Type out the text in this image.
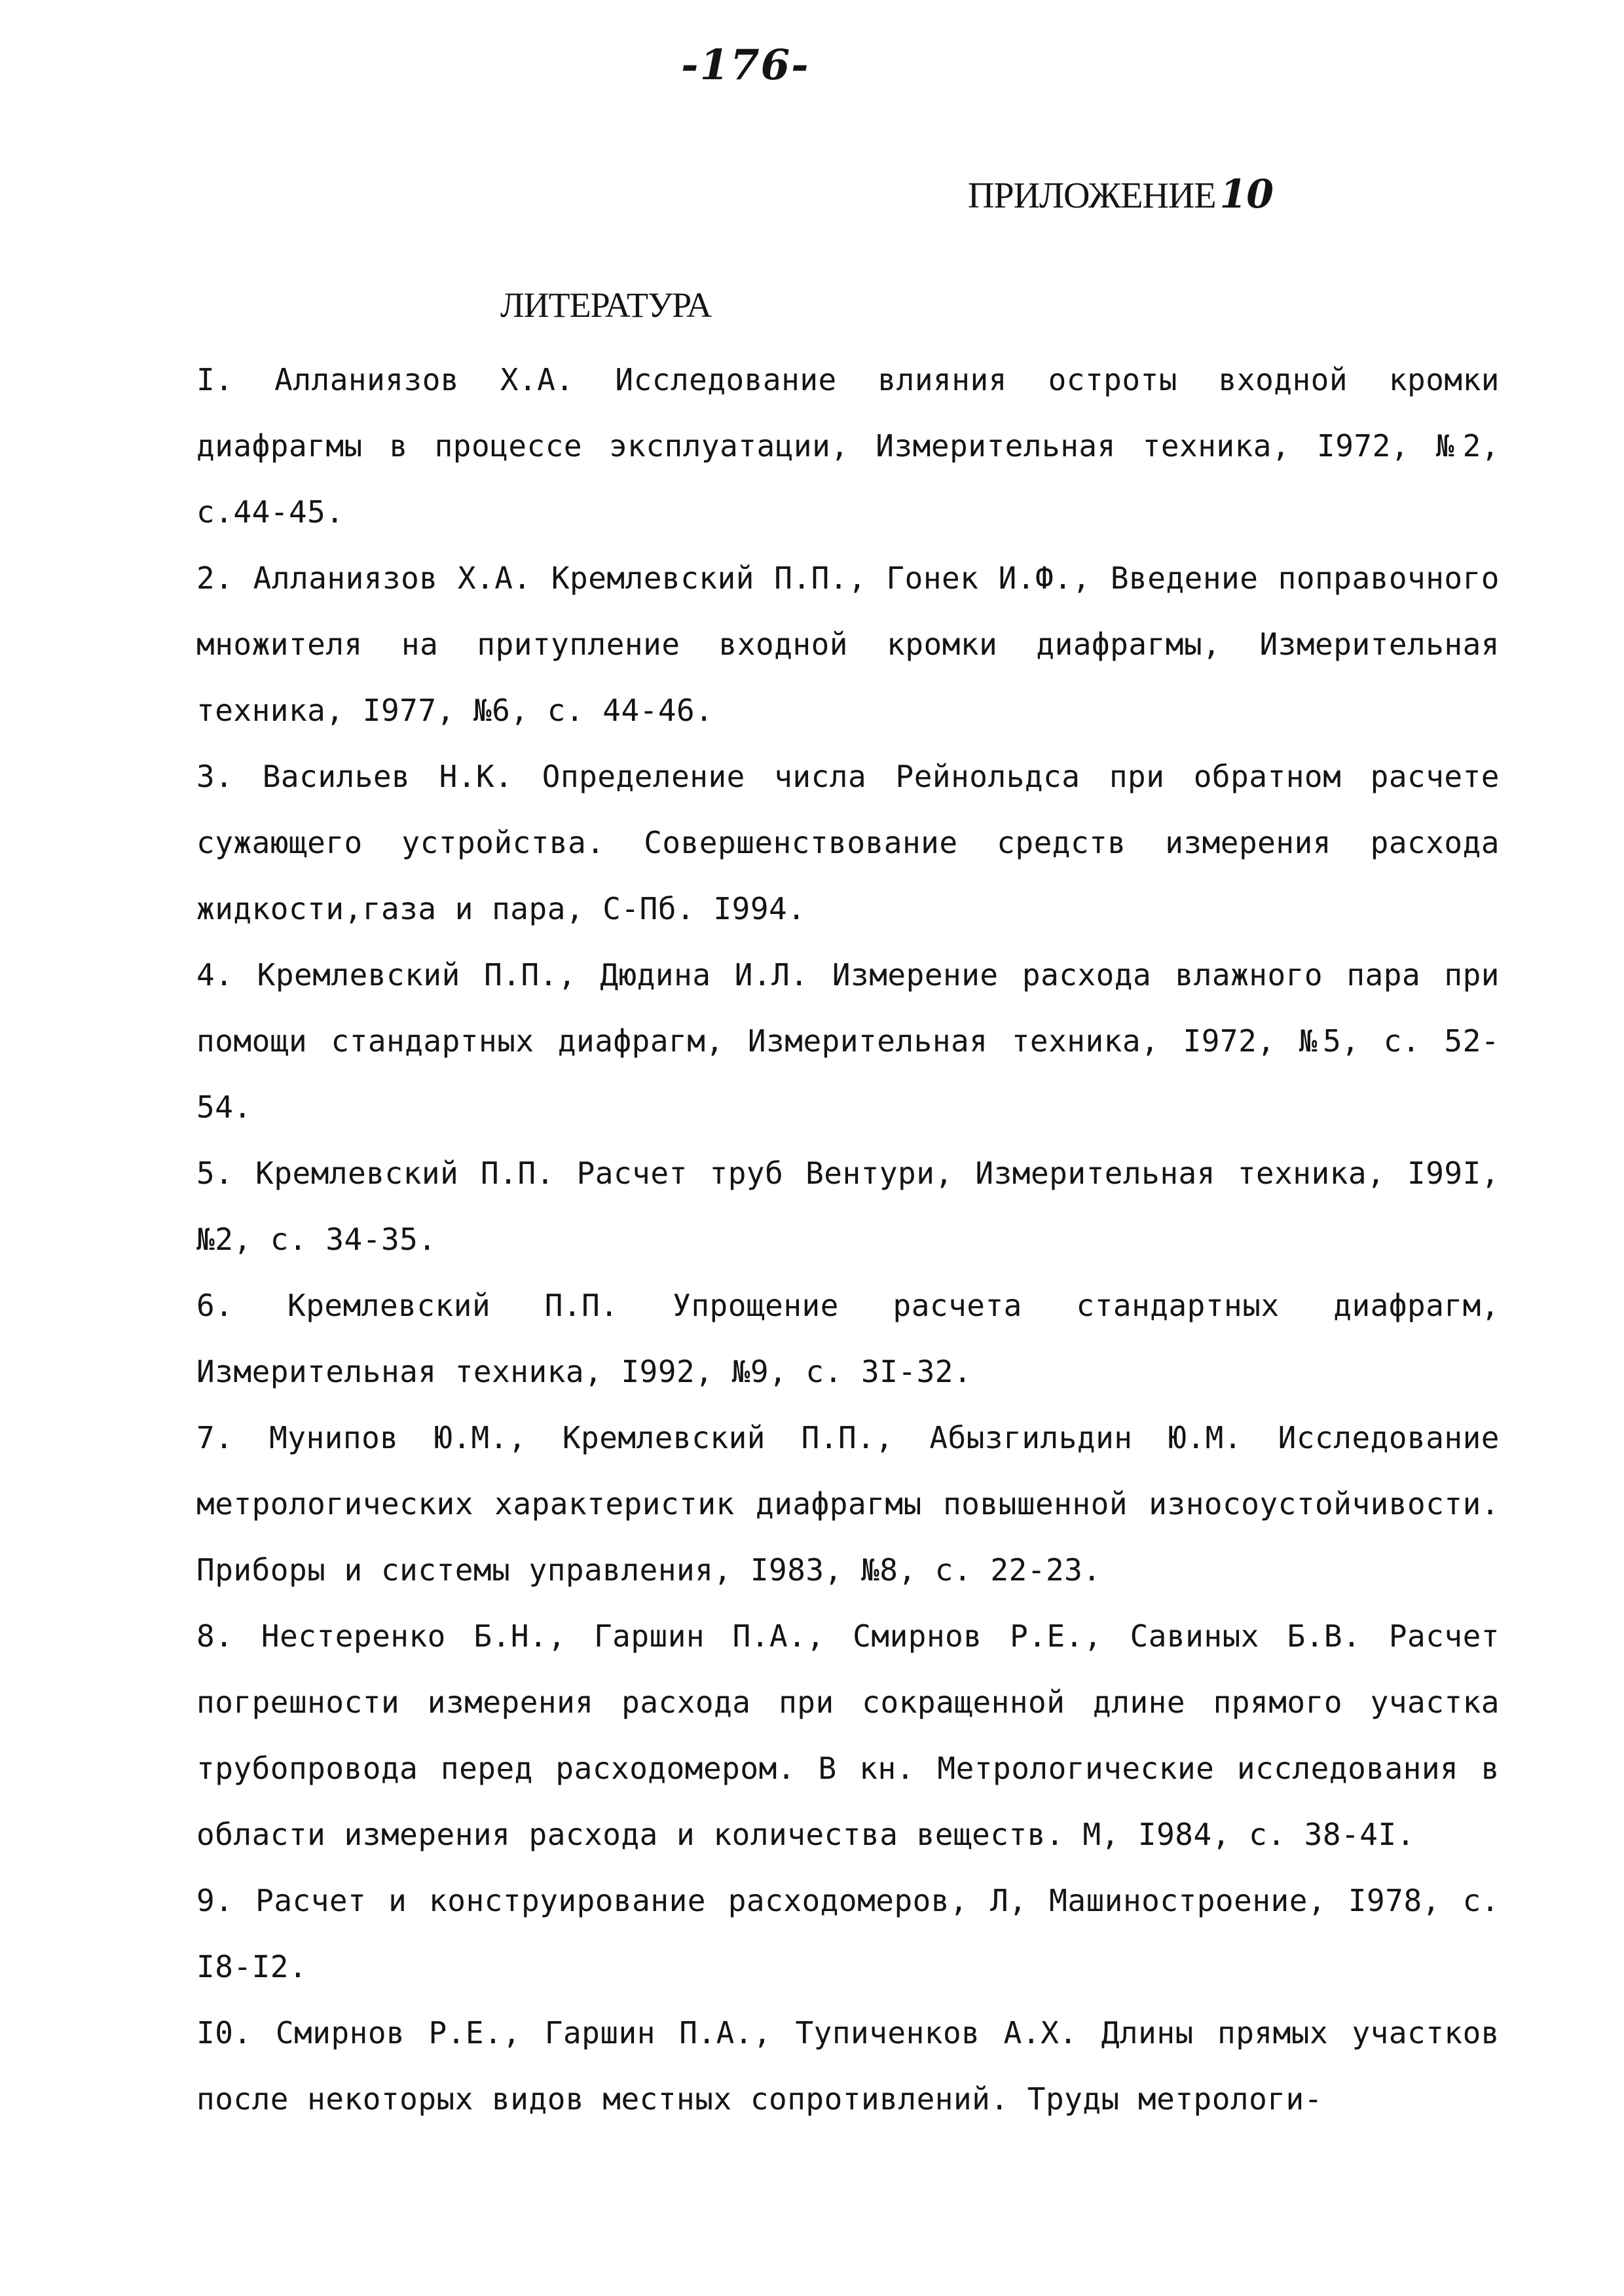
-176-
ПРИЛОЖЕНИЕ 10
ЛИТЕРАТУРА
I. Алланиязов Х.А. Исследование влияния остроты входной кромки диафрагмы в процессе эксплуатации, Измерительная техника, I972, №2, с.44-45.
2. Алланиязов Х.А. Кремлевский П.П., Гонек И.Ф., Введение поправочного множителя на притупление входной кромки диафрагмы, Измерительная техника, I977, №6, с. 44-46.
3. Васильев Н.К. Определение числа Рейнольдса при обратном расчете сужающего устройства. Совершенствование средств измерения расхода жидкости,газа и пара, С-Пб. I994.
4. Кремлевский П.П., Дюдина И.Л. Измерение расхода влажного пара при помощи стандартных диафрагм, Измерительная техника, I972, №5, с. 52-54.
5. Кремлевский П.П. Расчет труб Вентури, Измерительная техника, I99I, №2, с. 34-35.
6. Кремлевский П.П. Упрощение расчета стандартных диафрагм, Измерительная техника, I992, №9, с. 3I-32.
7. Мунипов Ю.М., Кремлевский П.П., Абызгильдин Ю.М. Исследование метрологических характеристик диафрагмы повышенной износоустойчивости. Приборы и системы управления, I983, №8, с. 22-23.
8. Нестеренко Б.Н., Гаршин П.А., Смирнов Р.Е., Савиных Б.В. Расчет погрешности измерения расхода при сокращенной длине прямого участка трубопровода перед расходомером. В кн. Метрологические исследования в области измерения расхода и количества веществ. М, I984, с. 38-4I.
9. Расчет и конструирование расходомеров, Л, Машиностроение, I978, с. I8-I2.
I0. Смирнов Р.Е., Гаршин П.А., Тупиченков А.Х. Длины прямых участков после некоторых видов местных сопротивлений. Труды метрологи-
